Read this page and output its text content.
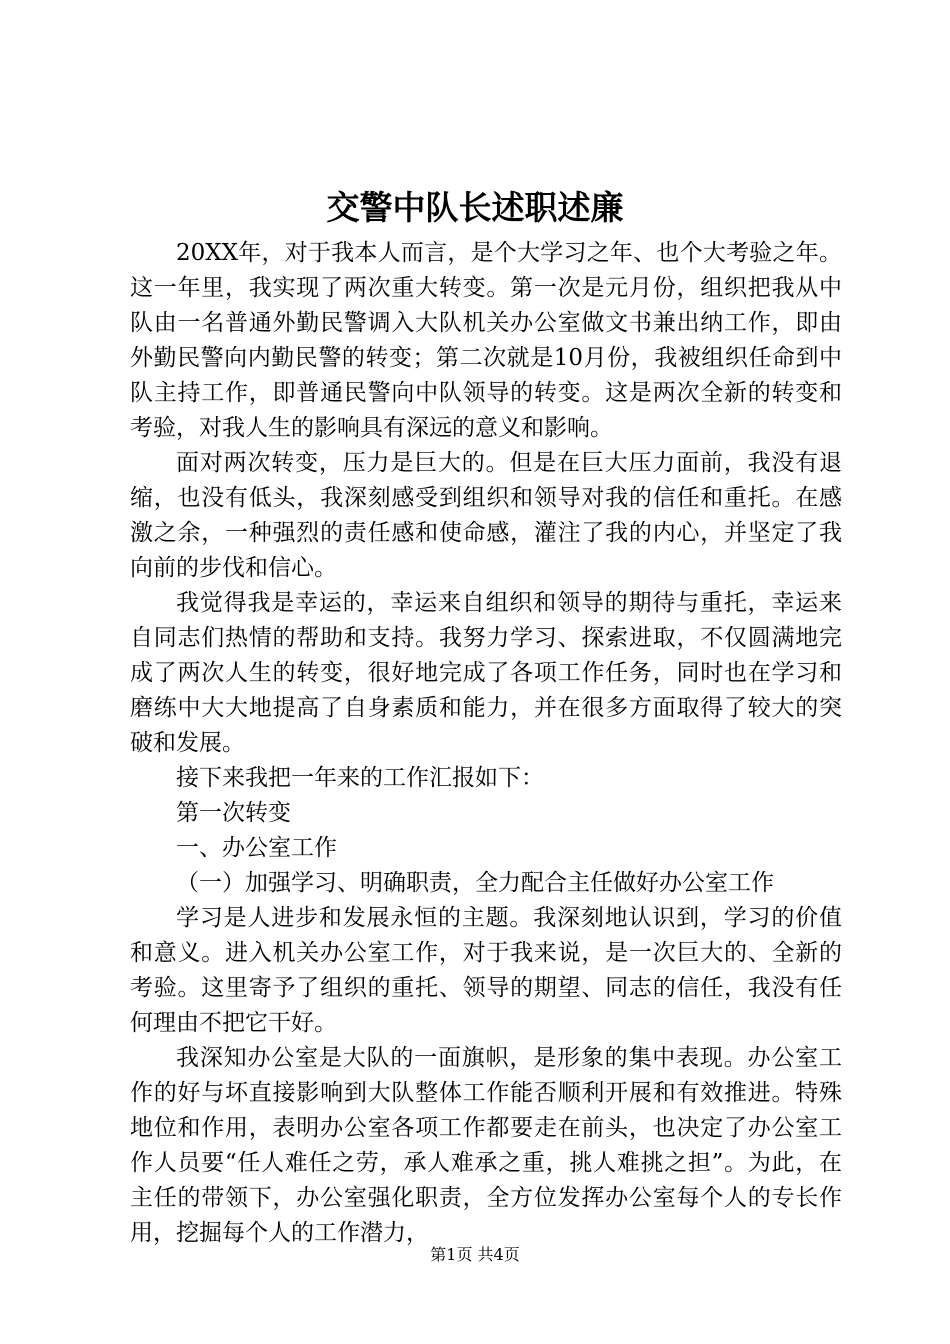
交警中队长述职述廉

20XX年，对于我本人而言，是个大学习之年、也个大考验之年。这一年里，我实现了两次重大转变。第一次是元月份，组织把我从中队由一名普通外勤民警调入大队机关办公室做文书兼出纳工作，即由外勤民警向内勤民警的转变；第二次就是10月份，我被组织任命到中队主持工作，即普通民警向中队领导的转变。这是两次全新的转变和考验，对我人生的影响具有深远的意义和影响。

面对两次转变，压力是巨大的。但是在巨大压力面前，我没有退缩，也没有低头，我深刻感受到组织和领导对我的信任和重托。在感激之余，一种强烈的责任感和使命感，灌注了我的内心，并坚定了我向前的步伐和信心。

我觉得我是幸运的，幸运来自组织和领导的期待与重托，幸运来自同志们热情的帮助和支持。我努力学习、探索进取，不仅圆满地完成了两次人生的转变，很好地完成了各项工作任务，同时也在学习和磨练中大大地提高了自身素质和能力，并在很多方面取得了较大的突破和发展。

接下来我把一年来的工作汇报如下：

第一次转变

一、办公室工作

（一）加强学习、明确职责，全力配合主任做好办公室工作

学习是人进步和发展永恒的主题。我深刻地认识到，学习的价值和意义。进入机关办公室工作，对于我来说，是一次巨大的、全新的考验。这里寄予了组织的重托、领导的期望、同志的信任，我没有任何理由不把它干好。

我深知办公室是大队的一面旗帜，是形象的集中表现。办公室工作的好与坏直接影响到大队整体工作能否顺利开展和有效推进。特殊地位和作用，表明办公室各项工作都要走在前头，也决定了办公室工作人员要“任人难任之劳，承人难承之重，挑人难挑之担”。为此，在主任的带领下，办公室强化职责，全方位发挥办公室每个人的专长作用，挖掘每个人的工作潜力，

第1页 共4页
